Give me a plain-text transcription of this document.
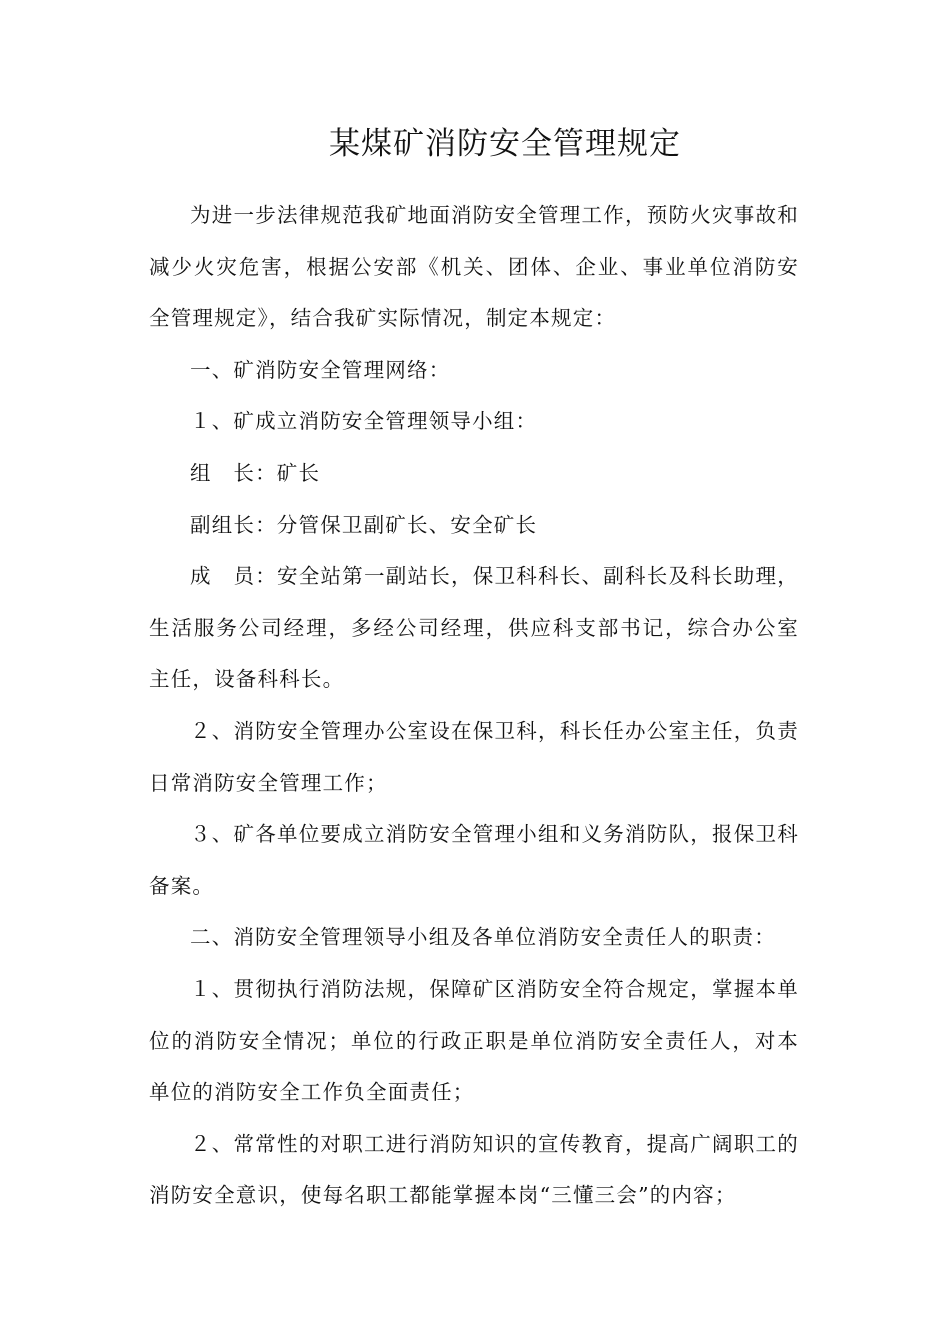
某煤矿消防安全管理规定

为进一步法律规范我矿地面消防安全管理工作，预防火灾事故和减少火灾危害，根据公安部《机关、团体、企业、事业单位消防安全管理规定》，结合我矿实际情况，制定本规定：

一、矿消防安全管理网络：

１、矿成立消防安全管理领导小组：

组　长：矿长

副组长：分管保卫副矿长、安全矿长

成　员：安全站第一副站长，保卫科科长、副科长及科长助理，生活服务公司经理，多经公司经理，供应科支部书记，综合办公室主任，设备科科长。

２、消防安全管理办公室设在保卫科，科长任办公室主任，负责日常消防安全管理工作；

３、矿各单位要成立消防安全管理小组和义务消防队，报保卫科备案。

二、消防安全管理领导小组及各单位消防安全责任人的职责：

１、贯彻执行消防法规，保障矿区消防安全符合规定，掌握本单位的消防安全情况；单位的行政正职是单位消防安全责任人，对本单位的消防安全工作负全面责任；

２、常常性的对职工进行消防知识的宣传教育，提高广阔职工的消防安全意识，使每名职工都能掌握本岗“三懂三会”的内容；
